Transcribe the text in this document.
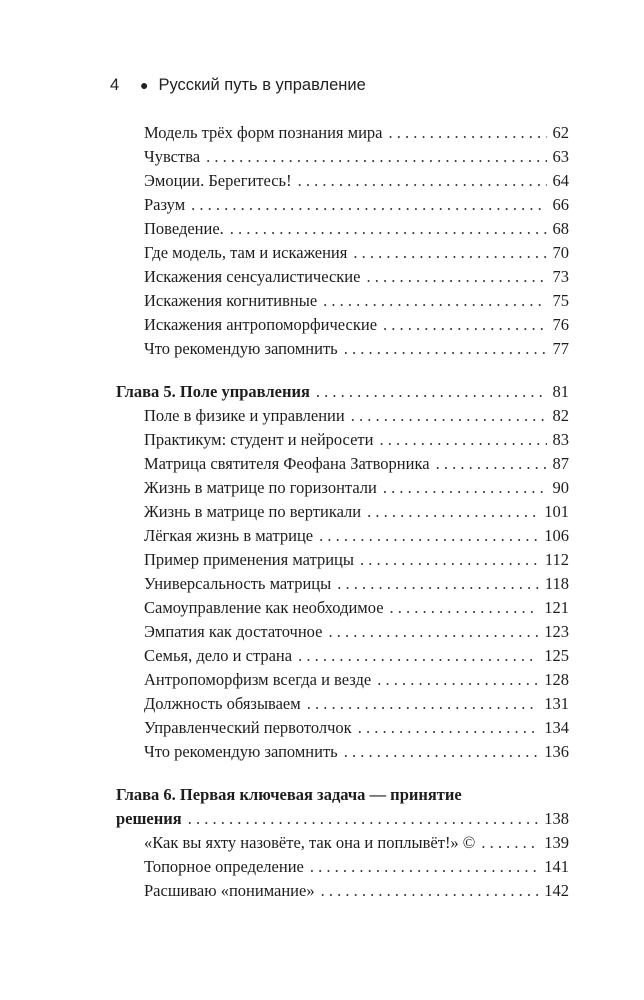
4	● Русский путь в управление
Модель трёх форм познания мира . . .	62
Чувства . . .	63
Эмоции. Берегитесь! . . .	64
Разум . . .	66
Поведение. . . .	68
Где модель, там и искажения . . .	70
Искажения сенсуалистические . . .	73
Искажения когнитивные . . .	75
Искажения антропоморфические . . .	76
Что рекомендую запомнить . . .	77
Глава 5. Поле управления . . .	81
Поле в физике и управлении . . .	82
Практикум: студент и нейросети . . .	83
Матрица святителя Феофана Затворника . . .	87
Жизнь в матрице по горизонтали . . .	90
Жизнь в матрице по вертикали . . .	101
Лёгкая жизнь в матрице . . .	106
Пример применения матрицы . . .	112
Универсальность матрицы . . .	118
Самоуправление как необходимое . . .	121
Эмпатия как достаточное . . .	123
Семья, дело и страна . . .	125
Антропоморфизм всегда и везде . . .	128
Должность обязываем . . .	131
Управленческий первотолчок . . .	134
Что рекомендую запомнить . . .	136
Глава 6. Первая ключевая задача — принятие
решения . . .	138
«Как вы яхту назовёте, так она и поплывёт!» © . . .	139
Топорное определение . . .	141
Расшиваю «понимание» . . .	142
